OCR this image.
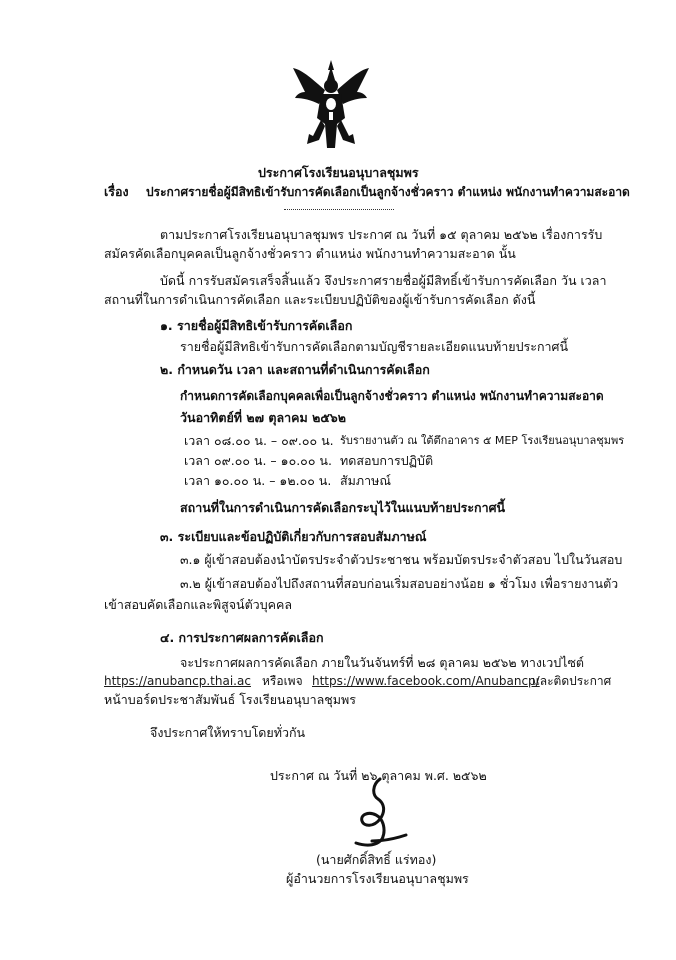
ประกาศโรงเรียนอนุบาลชุมพร
เรื่อง ประกาศรายชื่อผู้มีสิทธิเข้ารับการคัดเลือกเป็นลูกจ้างชั่วคราว ตำแหน่ง พนักงานทำความสะอาด
ตามประกาศโรงเรียนอนุบาลชุมพร ประกาศ ณ วันที่ ๑๕ ตุลาคม ๒๕๖๒ เรื่องการรับ
สมัครคัดเลือกบุคคลเป็นลูกจ้างชั่วคราว ตำแหน่ง พนักงานทำความสะอาด นั้น
บัดนี้ การรับสมัครเสร็จสิ้นแล้ว จึงประกาศรายชื่อผู้มีสิทธิ์เข้ารับการคัดเลือก วัน เวลา
สถานที่ในการดำเนินการคัดเลือก และระเบียบปฏิบัติของผู้เข้ารับการคัดเลือก ดังนี้
๑. รายชื่อผู้มีสิทธิเข้ารับการคัดเลือก
รายชื่อผู้มีสิทธิเข้ารับการคัดเลือกตามบัญชีรายละเอียดแนบท้ายประกาศนี้
๒. กำหนดวัน เวลา และสถานที่ดำเนินการคัดเลือก
กำหนดการคัดเลือกบุคคลเพื่อเป็นลูกจ้างชั่วคราว ตำแหน่ง พนักงานทำความสะอาด
วันอาทิตย์ที่ ๒๗ ตุลาคม ๒๕๖๒
เวลา ๐๘.๐๐ น. – ๐๙.๐๐ น. รับรายงานตัว ณ ใต้ตึกอาคาร ๕ MEP โรงเรียนอนุบาลชุมพร
เวลา ๐๙.๐๐ น. – ๑๐.๐๐ น. ทดสอบการปฏิบัติ
เวลา ๑๐.๐๐ น. – ๑๒.๐๐ น. สัมภาษณ์
สถานที่ในการดำเนินการคัดเลือกระบุไว้ในแนบท้ายประกาศนี้
๓. ระเบียบและข้อปฏิบัติเกี่ยวกับการสอบสัมภาษณ์
๓.๑ ผู้เข้าสอบต้องนำบัตรประจำตัวประชาชน พร้อมบัตรประจำตัวสอบ ไปในวันสอบ
๓.๒ ผู้เข้าสอบต้องไปถึงสถานที่สอบก่อนเริ่มสอบอย่างน้อย ๑ ชั่วโมง เพื่อรายงานตัว
เข้าสอบคัดเลือกและพิสูจน์ตัวบุคคล
๔. การประกาศผลการคัดเลือก
จะประกาศผลการคัดเลือก ภายในวันจันทร์ที่ ๒๘ ตุลาคม ๒๕๖๒ ทางเวปไซต์
https://anubancp.thai.ac หรือเพจ https://www.facebook.com/Anubancp/
และติดประกาศ
หน้าบอร์ดประชาสัมพันธ์ โรงเรียนอนุบาลชุมพร
จึงประกาศให้ทราบโดยทั่วกัน
ประกาศ ณ วันที่ ๒๖ ตุลาคม พ.ศ. ๒๕๖๒
(นายศักดิ์สิทธิ์ แร่ทอง)
ผู้อำนวยการโรงเรียนอนุบาลชุมพร
